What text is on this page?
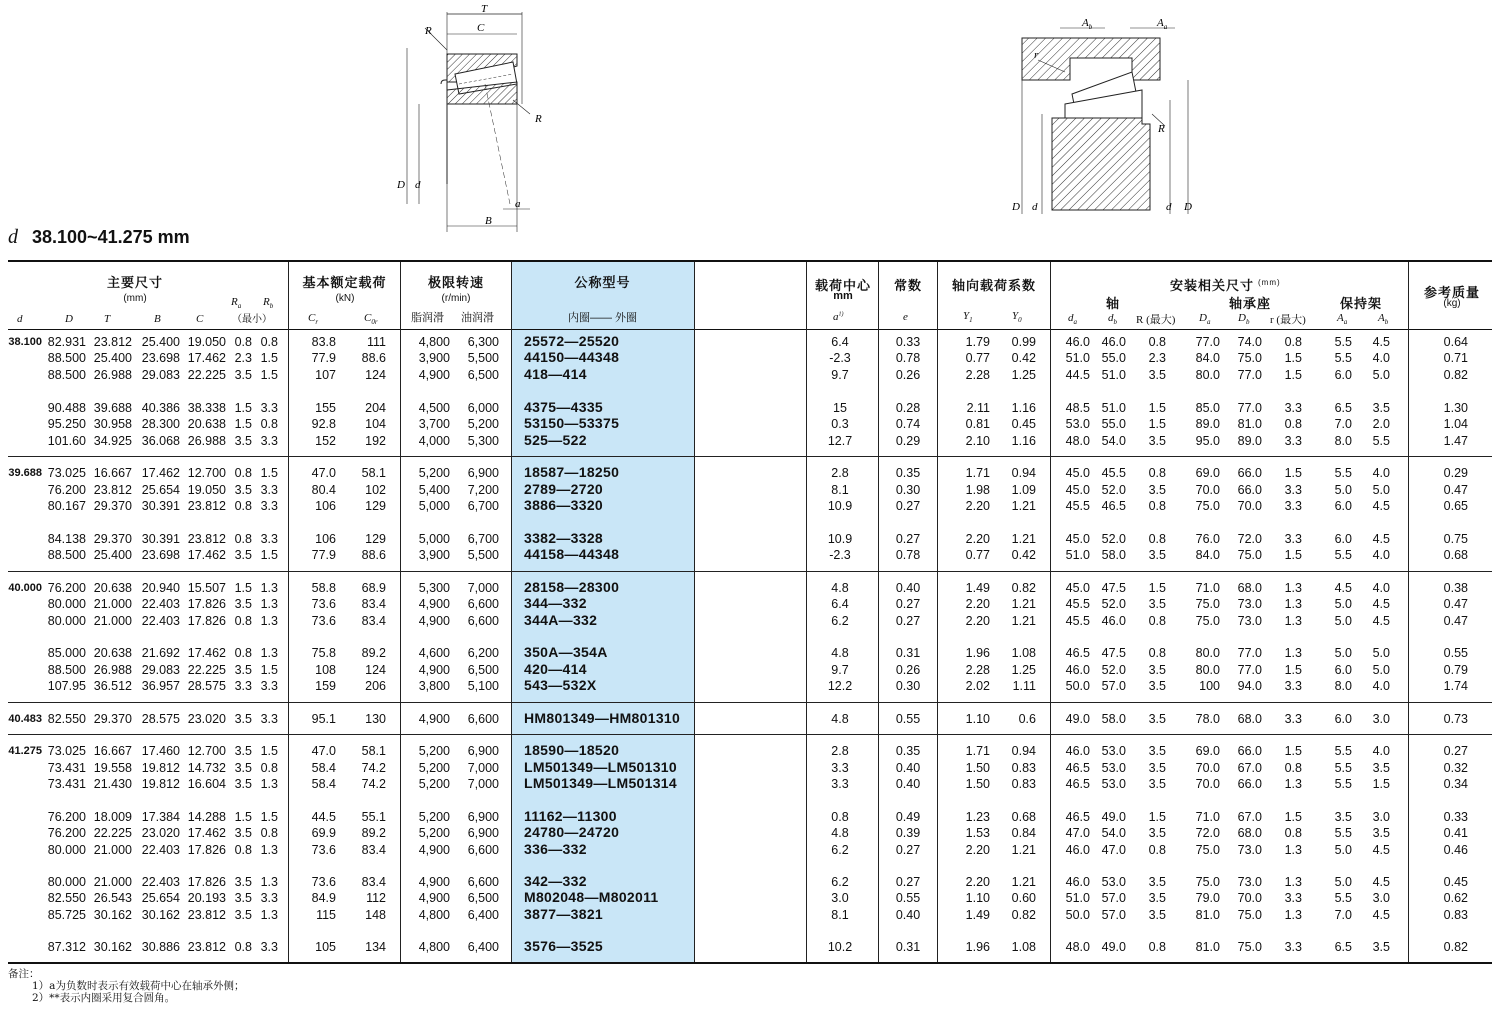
T
C
R
R
D d
a
B
$A_b$	$A_a$
r
R
D d	d D
d 38.100~41.275 mm
主要尺寸
(mm)
d	D	T	B	C
$R_a$ $R_b$
（最小）
基本额定载荷
(kN)
$C_r$	$C_{0r}$
极限转速
(r/min)
脂润滑 油润滑
公称型号
内圈—— 外圈
载荷中心
mm
$a^{1)}$
常数
e
轴向载荷系数
$Y_1$	$Y_0$
安装相关尺寸 $^{(mm)}$
轴	轴承座	保持架
$d_a$	$d_b$ R (最大) $D_a$	$D_b$ r (最大)	$A_a$	$A_b$
参考质量
(kg)
38.100 82.931 23.812 25.400 19.050 0.8 0.8	83.8	111	4,800	6,300 25572—25520	6.4	0.33	1.79	0.99	46.0 46.0	0.8	77.0	74.0	0.8	5.5	4.5	0.64
88.500 25.400 23.698 17.462 2.3 1.5	77.9	88.6	3,900	5,500 44150—44348	-2.3	0.78	0.77	0.42	51.0 55.0	2.3	84.0	75.0	1.5	5.5	4.0	0.71
88.500 26.988 29.083 22.225 3.5 1.5	107	124	4,900	6,500 418—414	9.7	0.26	2.28	1.25	44.5 51.0	3.5	80.0	77.0	1.5	6.0	5.0	0.82
90.488 39.688 40.386 38.338 1.5 3.3	155	204	4,500	6,000 4375—4335	15	0.28	2.11	1.16	48.5 51.0	1.5	85.0	77.0	3.3	6.5	3.5	1.30
95.250 30.958 28.300 20.638 1.5 0.8	92.8	104	3,700	5,200 53150—53375	0.3	0.74	0.81	0.45	53.0 55.0	1.5	89.0	81.0	0.8	7.0	2.0	1.04
101.60 34.925 36.068 26.988 3.5 3.3	152	192	4,000	5,300 525—522	12.7	0.29	2.10	1.16	48.0 54.0	3.5	95.0	89.0	3.3	8.0	5.5	1.47
39.688 73.025 16.667 17.462 12.700 0.8 1.5	47.0	58.1	5,200	6,900 18587—18250	2.8	0.35	1.71	0.94	45.0 45.5	0.8	69.0	66.0	1.5	5.5	4.0	0.29
76.200 23.812 25.654 19.050 3.5 3.3	80.4	102	5,400	7,200 2789—2720	8.1	0.30	1.98	1.09	45.0 52.0	3.5	70.0	66.0	3.3	5.0	5.0	0.47
80.167 29.370 30.391 23.812 0.8 3.3	106	129	5,000	6,700 3886—3320	10.9	0.27	2.20	1.21	45.5 46.5	0.8	75.0	70.0	3.3	6.0	4.5	0.65
84.138 29.370 30.391 23.812 0.8 3.3	106	129	5,000	6,700 3382—3328	10.9	0.27	2.20	1.21	45.0 52.0	0.8	76.0	72.0	3.3	6.0	4.5	0.75
88.500 25.400 23.698 17.462 3.5 1.5	77.9	88.6	3,900	5,500 44158—44348	-2.3	0.78	0.77	0.42	51.0 58.0	3.5	84.0	75.0	1.5	5.5	4.0	0.68
40.000 76.200 20.638 20.940 15.507 1.5 1.3	58.8	68.9	5,300	7,000 28158—28300	4.8	0.40	1.49	0.82	45.0 47.5	1.5	71.0	68.0	1.3	4.5	4.0	0.38
80.000 21.000 22.403 17.826 3.5 1.3	73.6	83.4	4,900	6,600 344—332	6.4	0.27	2.20	1.21	45.5 52.0	3.5	75.0	73.0	1.3	5.0	4.5	0.47
80.000 21.000 22.403 17.826 0.8 1.3	73.6	83.4	4,900	6,600 344A—332	6.2	0.27	2.20	1.21	45.5 46.0	0.8	75.0	73.0	1.3	5.0	4.5	0.47
85.000 20.638 21.692 17.462 0.8 1.3	75.8	89.2	4,600	6,200 350A—354A	4.8	0.31	1.96	1.08	46.5 47.5	0.8	80.0	77.0	1.3	5.0	5.0	0.55
88.500 26.988 29.083 22.225 3.5 1.5	108	124	4,900	6,500 420—414	9.7	0.26	2.28	1.25	46.0 52.0	3.5	80.0	77.0	1.5	6.0	5.0	0.79
107.95 36.512 36.957 28.575 3.3 3.3	159	206	3,800	5,100 543—532X	12.2	0.30	2.02	1.11	50.0 57.0	3.5	100	94.0	3.3	8.0	4.0	1.74
40.483 82.550 29.370 28.575 23.020 3.5 3.3	95.1	130	4,900	6,600 HM801349—HM801310	4.8	0.55	1.10	0.6	49.0 58.0	3.5	78.0	68.0	3.3	6.0	3.0	0.73
41.275 73.025 16.667 17.460 12.700 3.5 1.5	47.0	58.1	5,200	6,900 18590—18520	2.8	0.35	1.71	0.94	46.0 53.0	3.5	69.0	66.0	1.5	5.5	4.0	0.27
73.431 19.558 19.812 14.732 3.5 0.8	58.4	74.2	5,200	7,000 LM501349—LM501310	3.3	0.40	1.50	0.83	46.5 53.0	3.5	70.0	67.0	0.8	5.5	3.5	0.32
73.431 21.430 19.812 16.604 3.5 1.3	58.4	74.2	5,200	7,000 LM501349—LM501314	3.3	0.40	1.50	0.83	46.5 53.0	3.5	70.0	66.0	1.3	5.5	1.5	0.34
76.200 18.009 17.384 14.288 1.5 1.5	44.5	55.1	5,200	6,900 11162—11300	0.8	0.49	1.23	0.68	46.5 49.0	1.5	71.0	67.0	1.5	3.5	3.0	0.33
76.200 22.225 23.020 17.462 3.5 0.8	69.9	89.2	5,200	6,900 24780—24720	4.8	0.39	1.53	0.84	47.0 54.0	3.5	72.0	68.0	0.8	5.5	3.5	0.41
80.000 21.000 22.403 17.826 0.8 1.3	73.6	83.4	4,900	6,600 336—332	6.2	0.27	2.20	1.21	46.0 47.0	0.8	75.0	73.0	1.3	5.0	4.5	0.46
80.000 21.000 22.403 17.826 3.5 1.3	73.6	83.4	4,900	6,600 342—332	6.2	0.27	2.20	1.21	46.0 53.0	3.5	75.0	73.0	1.3	5.0	4.5	0.45
82.550 26.543 25.654 20.193 3.5 3.3	84.9	112	4,900	6,500 M802048—M802011	3.0	0.55	1.10	0.60	51.0 57.0	3.5	79.0	70.0	3.3	5.5	3.0	0.62
85.725 30.162 30.162 23.812 3.5 1.3	115	148	4,800	6,400 3877—3821	8.1	0.40	1.49	0.82	50.0 57.0	3.5	81.0	75.0	1.3	7.0	4.5	0.83
87.312 30.162 30.886 23.812 0.8 3.3	105	134	4,800	6,400 3576—3525	10.2	0.31	1.96	1.08	48.0 49.0	0.8	81.0	75.0	3.3	6.5	3.5	0.82
备注：
1）a为负数时表示有效载荷中心在轴承外侧；
2）**表示内圈采用复合圆角。
